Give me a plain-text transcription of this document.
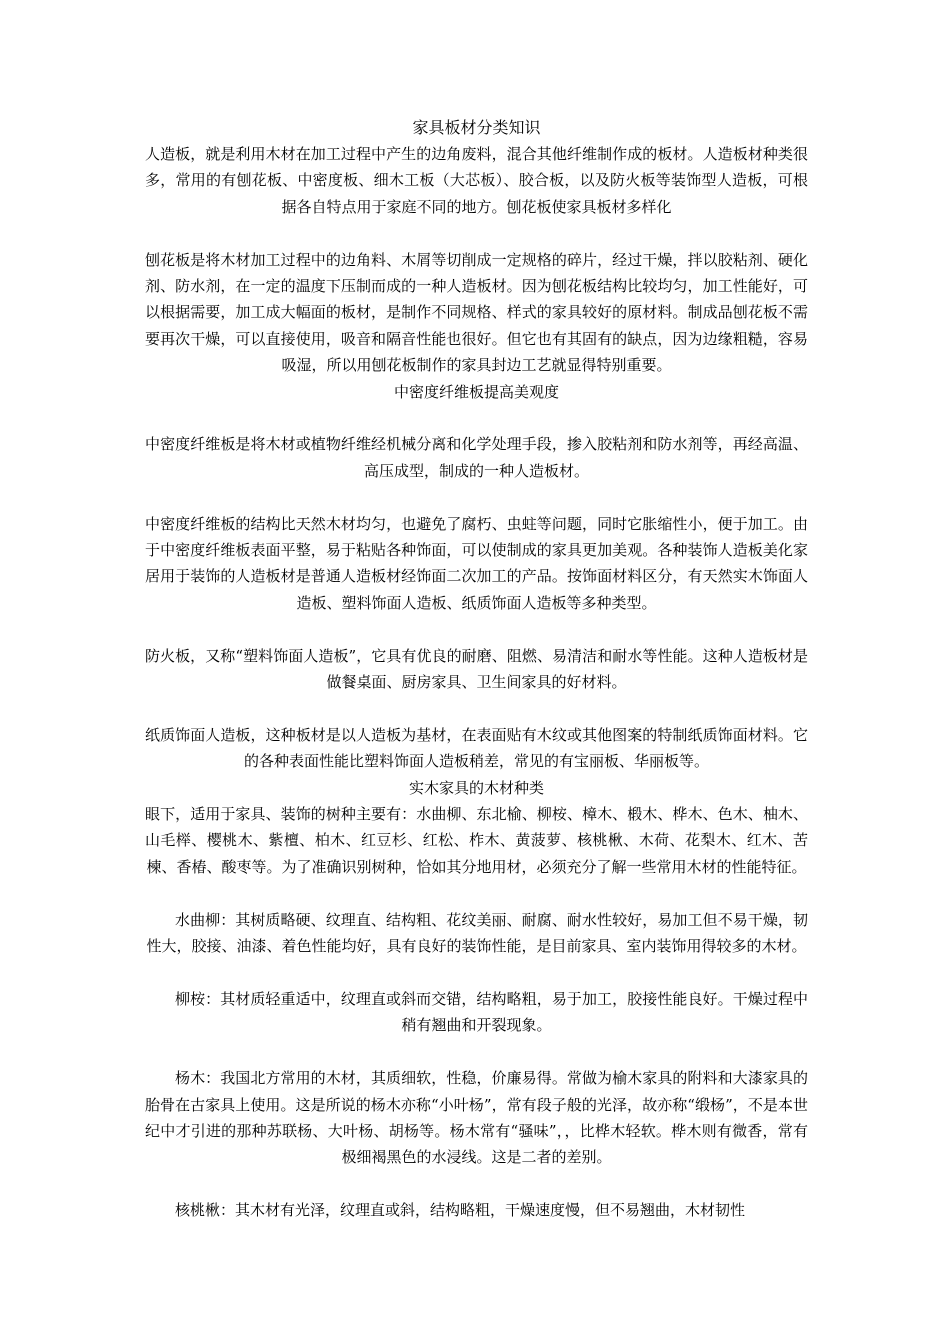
家具板材分类知识

人造板，就是利用木材在加工过程中产生的边角废料，混合其他纤维制作成的板材。人造板材种类很多，常用的有刨花板、中密度板、细木工板（大芯板）、胶合板，以及防火板等装饰型人造板，可根据各自特点用于家庭不同的地方。刨花板使家具板材多样化

刨花板是将木材加工过程中的边角料、木屑等切削成一定规格的碎片，经过干燥，拌以胶粘剂、硬化剂、防水剂，在一定的温度下压制而成的一种人造板材。因为刨花板结构比较均匀，加工性能好，可以根据需要，加工成大幅面的板材，是制作不同规格、样式的家具较好的原材料。制成品刨花板不需要再次干燥，可以直接使用，吸音和隔音性能也很好。但它也有其固有的缺点，因为边缘粗糙，容易吸湿，所以用刨花板制作的家具封边工艺就显得特别重要。

中密度纤维板提高美观度

中密度纤维板是将木材或植物纤维经机械分离和化学处理手段，掺入胶粘剂和防水剂等，再经高温、高压成型，制成的一种人造板材。

中密度纤维板的结构比天然木材均匀，也避免了腐朽、虫蛀等问题，同时它胀缩性小，便于加工。由于中密度纤维板表面平整，易于粘贴各种饰面，可以使制成的家具更加美观。各种装饰人造板美化家居用于装饰的人造板材是普通人造板材经饰面二次加工的产品。按饰面材料区分，有天然实木饰面人造板、塑料饰面人造板、纸质饰面人造板等多种类型。

防火板，又称“塑料饰面人造板”，它具有优良的耐磨、阻燃、易清洁和耐水等性能。这种人造板材是做餐桌面、厨房家具、卫生间家具的好材料。

纸质饰面人造板，这种板材是以人造板为基材，在表面贴有木纹或其他图案的特制纸质饰面材料。它的各种表面性能比塑料饰面人造板稍差，常见的有宝丽板、华丽板等。

实木家具的木材种类

眼下，适用于家具、装饰的树种主要有：水曲柳、东北榆、柳桉、樟木、椴木、桦木、色木、柚木、山毛榉、樱桃木、紫檀、柏木、红豆杉、红松、柞木、黄菠萝、核桃楸、木荷、花梨木、红木、苦楝、香椿、酸枣等。为了准确识别树种，恰如其分地用材，必须充分了解一些常用木材的性能特征。

水曲柳：其树质略硬、纹理直、结构粗、花纹美丽、耐腐、耐水性较好，易加工但不易干燥，韧性大，胶接、油漆、着色性能均好，具有良好的装饰性能，是目前家具、室内装饰用得较多的木材。

柳桉：其材质轻重适中，纹理直或斜而交错，结构略粗，易于加工，胶接性能良好。干燥过程中稍有翘曲和开裂现象。

杨木：我国北方常用的木材，其质细软，性稳，价廉易得。常做为榆木家具的附料和大漆家具的胎骨在古家具上使用。这是所说的杨木亦称“小叶杨”，常有段子般的光泽，故亦称“缎杨”，不是本世纪中才引进的那种苏联杨、大叶杨、胡杨等。杨木常有“骚味”，，比桦木轻软。桦木则有微香，常有极细褐黑色的水浸线。这是二者的差别。

核桃楸：其木材有光泽，纹理直或斜，结构略粗，干燥速度慢，但不易翘曲，木材韧性
